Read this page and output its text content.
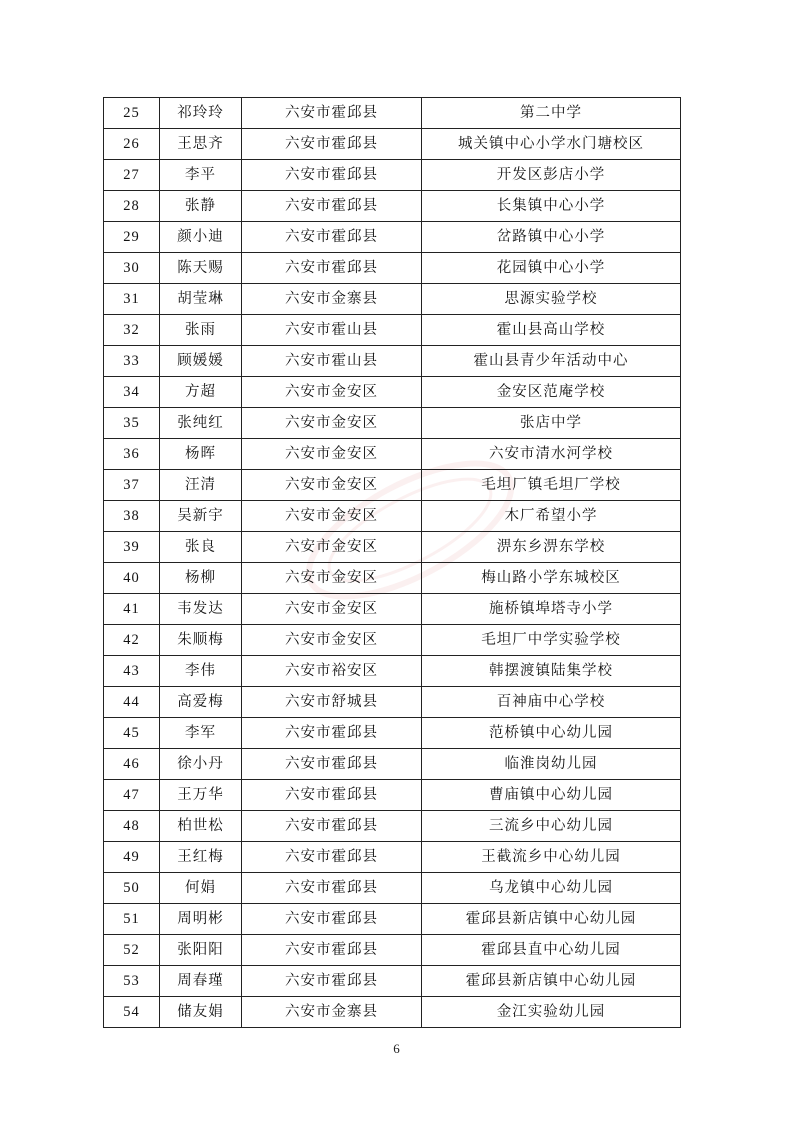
25	祁玲玲	六安市霍邱县	第二中学
26	王思齐	六安市霍邱县	城关镇中心小学水门塘校区
27	李平	六安市霍邱县	开发区彭店小学
28	张静	六安市霍邱县	长集镇中心小学
29	颜小迪	六安市霍邱县	岔路镇中心小学
30	陈天赐	六安市霍邱县	花园镇中心小学
31	胡莹琳	六安市金寨县	思源实验学校
32	张雨	六安市霍山县	霍山县高山学校
33	顾媛媛	六安市霍山县	霍山县青少年活动中心
34	方超	六安市金安区	金安区范庵学校
35	张纯红	六安市金安区	张店中学
36	杨晖	六安市金安区	六安市清水河学校
37	汪清	六安市金安区	毛坦厂镇毛坦厂学校
38	吴新宇	六安市金安区	木厂希望小学
39	张良	六安市金安区	淠东乡淠东学校
40	杨柳	六安市金安区	梅山路小学东城校区
41	韦发达	六安市金安区	施桥镇埠塔寺小学
42	朱顺梅	六安市金安区	毛坦厂中学实验学校
43	李伟	六安市裕安区	韩摆渡镇陆集学校
44	高爱梅	六安市舒城县	百神庙中心学校
45	李军	六安市霍邱县	范桥镇中心幼儿园
46	徐小丹	六安市霍邱县	临淮岗幼儿园
47	王万华	六安市霍邱县	曹庙镇中心幼儿园
48	柏世松	六安市霍邱县	三流乡中心幼儿园
49	王红梅	六安市霍邱县	王截流乡中心幼儿园
50	何娟	六安市霍邱县	乌龙镇中心幼儿园
51	周明彬	六安市霍邱县	霍邱县新店镇中心幼儿园
52	张阳阳	六安市霍邱县	霍邱县直中心幼儿园
53	周春瑾	六安市霍邱县	霍邱县新店镇中心幼儿园
54	储友娟	六安市金寨县	金江实验幼儿园
6
